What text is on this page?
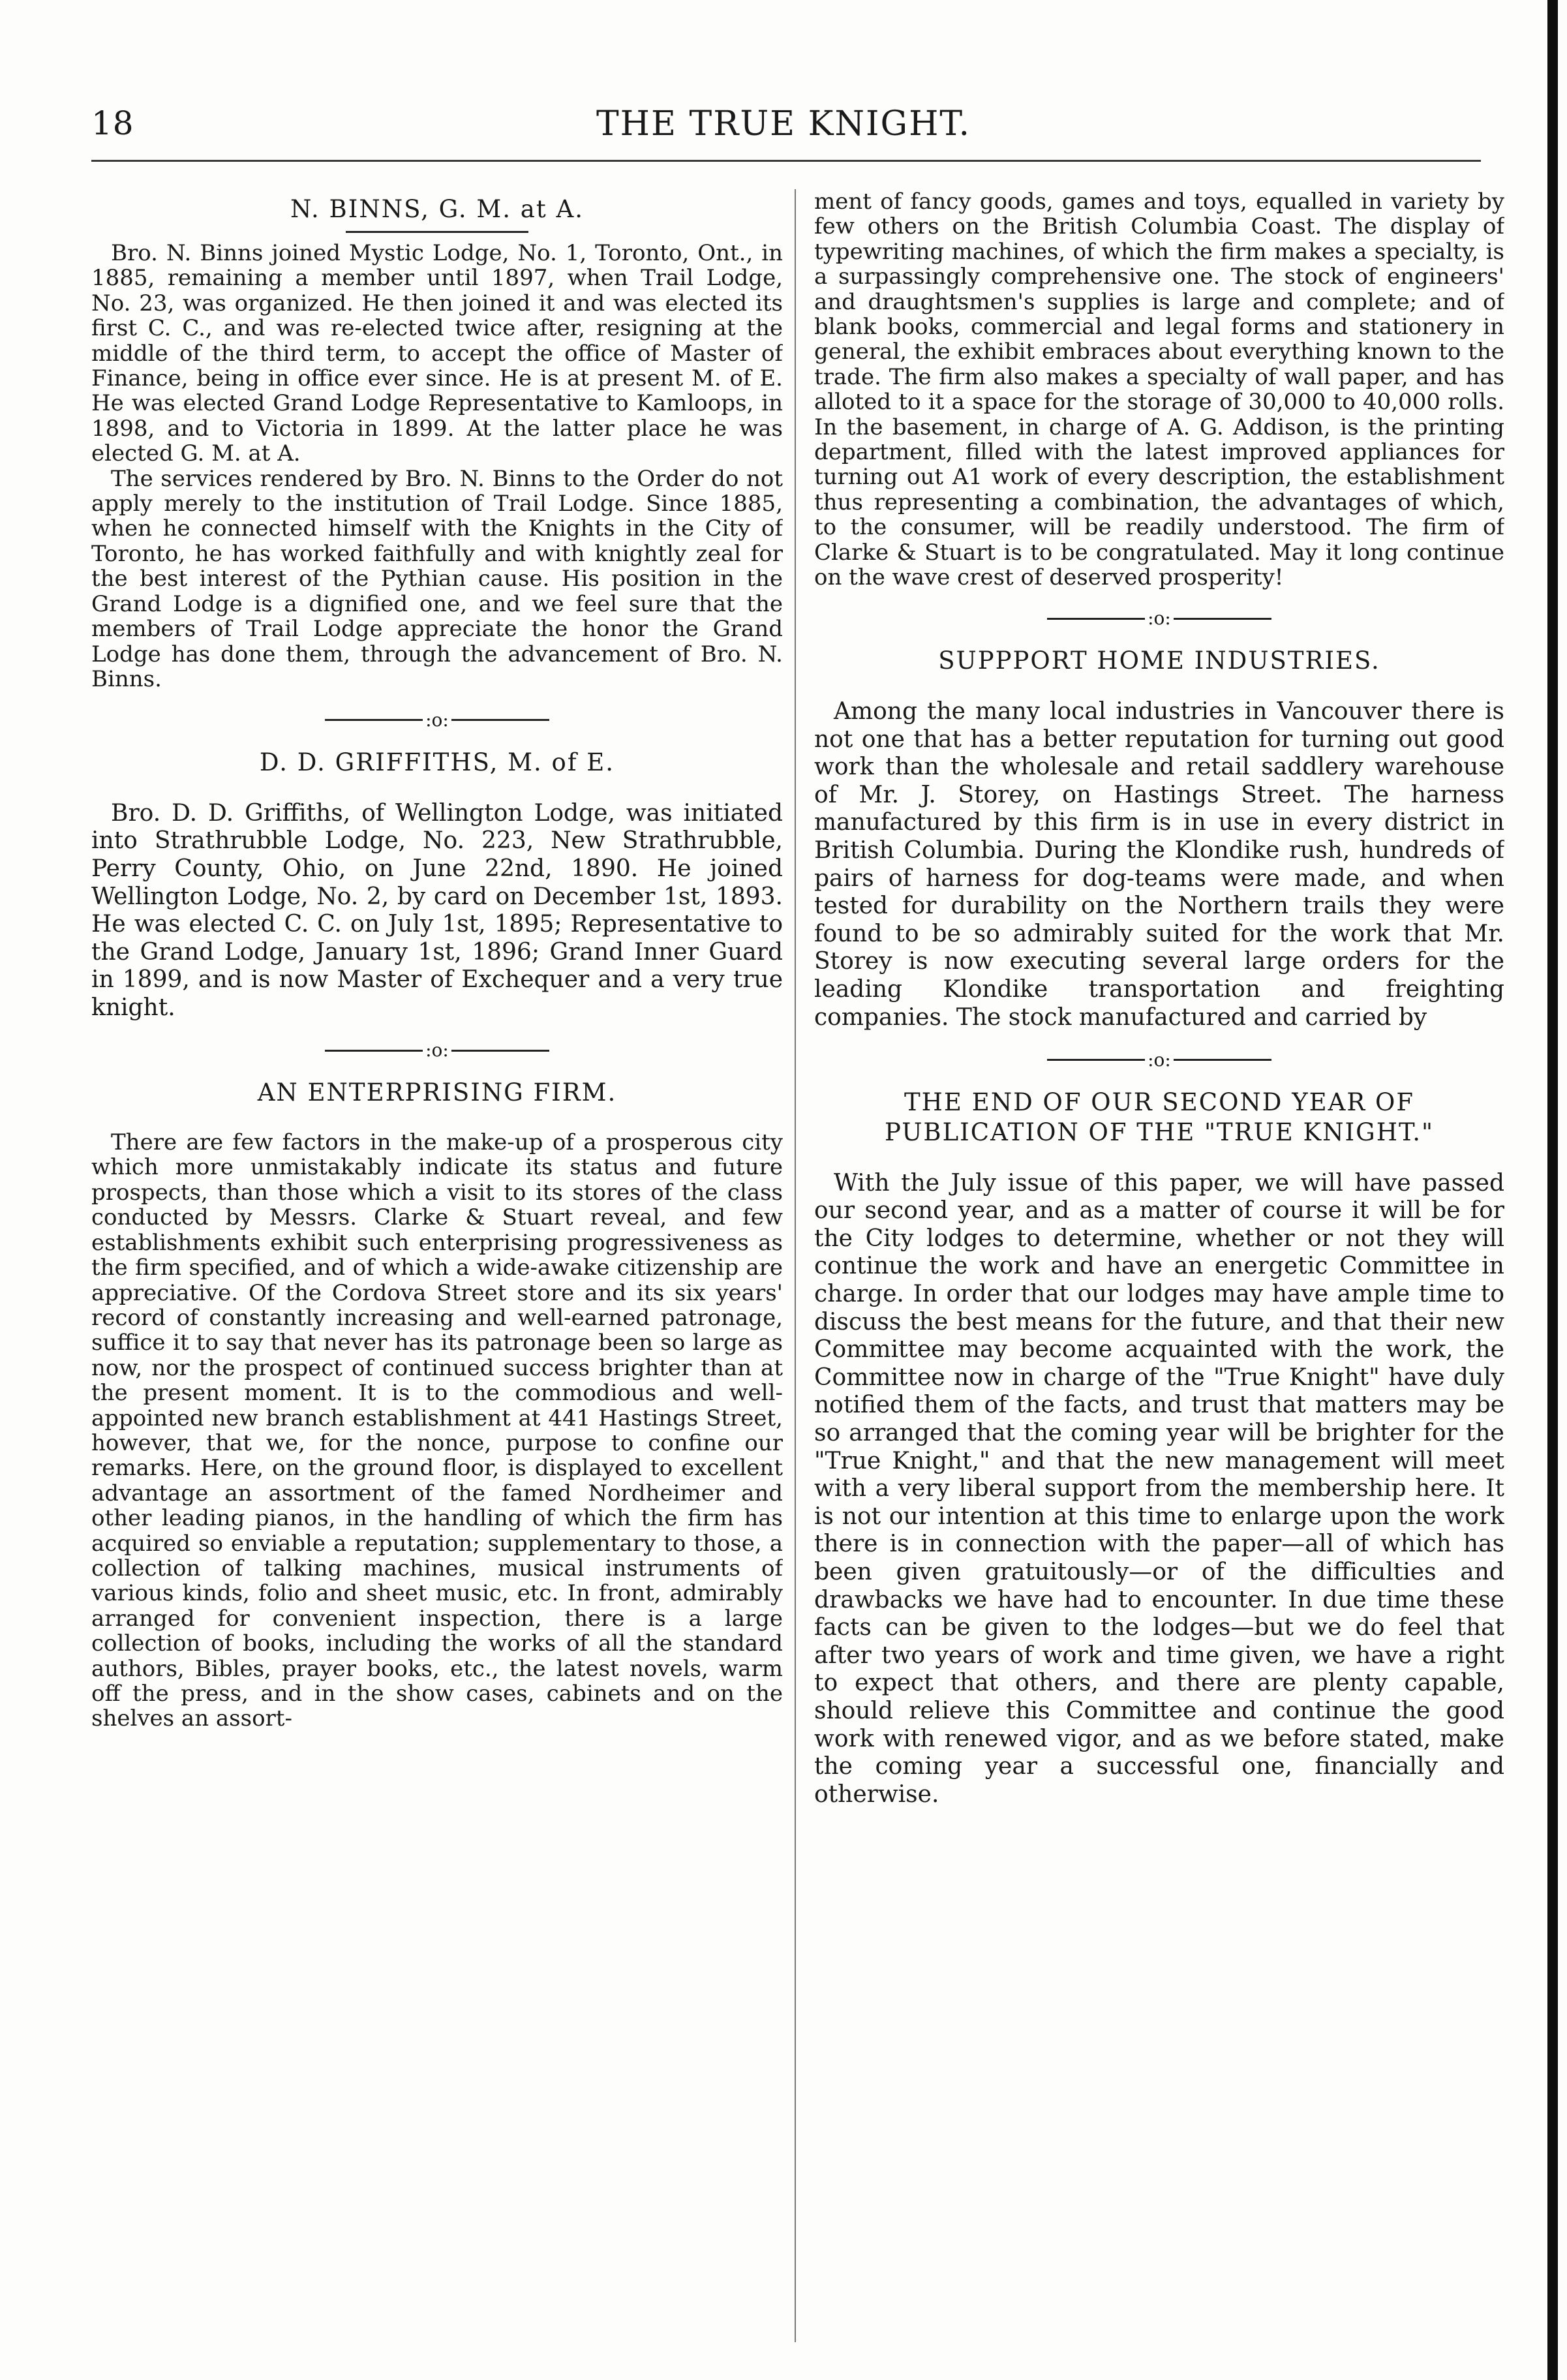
18	THE TRUE KNIGHT.
N. BINNS, G. M. at A.

Bro. N. Binns joined Mystic Lodge, No. 1, Toronto, Ont., in 1885, remaining a member until 1897, when Trail Lodge, No. 23, was organized. He then joined it and was elected its first C. C., and was re-elected twice after, resigning at the middle of the third term, to accept the office of Master of Finance, being in office ever since. He is at present M. of E. He was elected Grand Lodge Representative to Kamloops, in 1898, and to Victoria in 1899. At the latter place he was elected G. M. at A.

The services rendered by Bro. N. Binns to the Order do not apply merely to the institution of Trail Lodge. Since 1885, when he connected himself with the Knights in the City of Toronto, he has worked faithfully and with knightly zeal for the best interest of the Pythian cause. His position in the Grand Lodge is a dignified one, and we feel sure that the members of Trail Lodge appreciate the honor the Grand Lodge has done them, through the advancement of Bro. N. Binns.

:o:
D. D. GRIFFITHS, M. of E.

Bro. D. D. Griffiths, of Wellington Lodge, was initiated into Strathrubble Lodge, No. 223, New Strathrubble, Perry County, Ohio, on June 22nd, 1890. He joined Wellington Lodge, No. 2, by card on December 1st, 1893. He was elected C. C. on July 1st, 1895; Representative to the Grand Lodge, January 1st, 1896; Grand Inner Guard in 1899, and is now Master of Exchequer and a very true knight.

:o:
AN ENTERPRISING FIRM.

There are few factors in the make-up of a prosperous city which more unmistakably indicate its status and future prospects, than those which a visit to its stores of the class conducted by Messrs. Clarke & Stuart reveal, and few establishments exhibit such enterprising progressiveness as the firm specified, and of which a wide-awake citizenship are appreciative. Of the Cordova Street store and its six years' record of constantly increasing and well-earned patronage, suffice it to say that never has its patronage been so large as now, nor the prospect of continued success brighter than at the present moment. It is to the commodious and well-appointed new branch establishment at 441 Hastings Street, however, that we, for the nonce, purpose to confine our remarks. Here, on the ground floor, is displayed to excellent advantage an assortment of the famed Nordheimer and other leading pianos, in the handling of which the firm has acquired so enviable a reputation; supplementary to those, a collection of talking machines, musical instruments of various kinds, folio and sheet music, etc. In front, admirably arranged for convenient inspection, there is a large collection of books, including the works of all the standard authors, Bibles, prayer books, etc., the latest novels, warm off the press, and in the show cases, cabinets and on the shelves an assort-

ment of fancy goods, games and toys, equalled in variety by few others on the British Columbia Coast. The display of typewriting machines, of which the firm makes a specialty, is a surpassingly comprehensive one. The stock of engineers' and draughtsmen's supplies is large and complete; and of blank books, commercial and legal forms and stationery in general, the exhibit embraces about everything known to the trade. The firm also makes a specialty of wall paper, and has alloted to it a space for the storage of 30,000 to 40,000 rolls. In the basement, in charge of A. G. Addison, is the printing department, filled with the latest improved appliances for turning out A1 work of every description, the establishment thus representing a combination, the advantages of which, to the consumer, will be readily understood. The firm of Clarke & Stuart is to be congratulated. May it long continue on the wave crest of deserved prosperity!

:o:
SUPPPORT HOME INDUSTRIES.

Among the many local industries in Vancouver there is not one that has a better reputation for turning out good work than the wholesale and retail saddlery warehouse of Mr. J. Storey, on Hastings Street. The harness manufactured by this firm is in use in every district in British Columbia. During the Klondike rush, hundreds of pairs of harness for dog-teams were made, and when tested for durability on the Northern trails they were found to be so admirably suited for the work that Mr. Storey is now executing several large orders for the leading Klondike transportation and freighting companies. The stock manufactured and carried by

:o:
THE END OF OUR SECOND YEAR OF PUBLICATION OF THE "TRUE KNIGHT."

With the July issue of this paper, we will have passed our second year, and as a matter of course it will be for the City lodges to determine, whether or not they will continue the work and have an energetic Committee in charge. In order that our lodges may have ample time to discuss the best means for the future, and that their new Committee may become acquainted with the work, the Committee now in charge of the "True Knight" have duly notified them of the facts, and trust that matters may be so arranged that the coming year will be brighter for the "True Knight," and that the new management will meet with a very liberal support from the membership here. It is not our intention at this time to enlarge upon the work there is in connection with the paper—all of which has been given gratuitously—or of the difficulties and drawbacks we have had to encounter. In due time these facts can be given to the lodges—but we do feel that after two years of work and time given, we have a right to expect that others, and there are plenty capable, should relieve this Committee and continue the good work with renewed vigor, and as we before stated, make the coming year a successful one, financially and otherwise.
